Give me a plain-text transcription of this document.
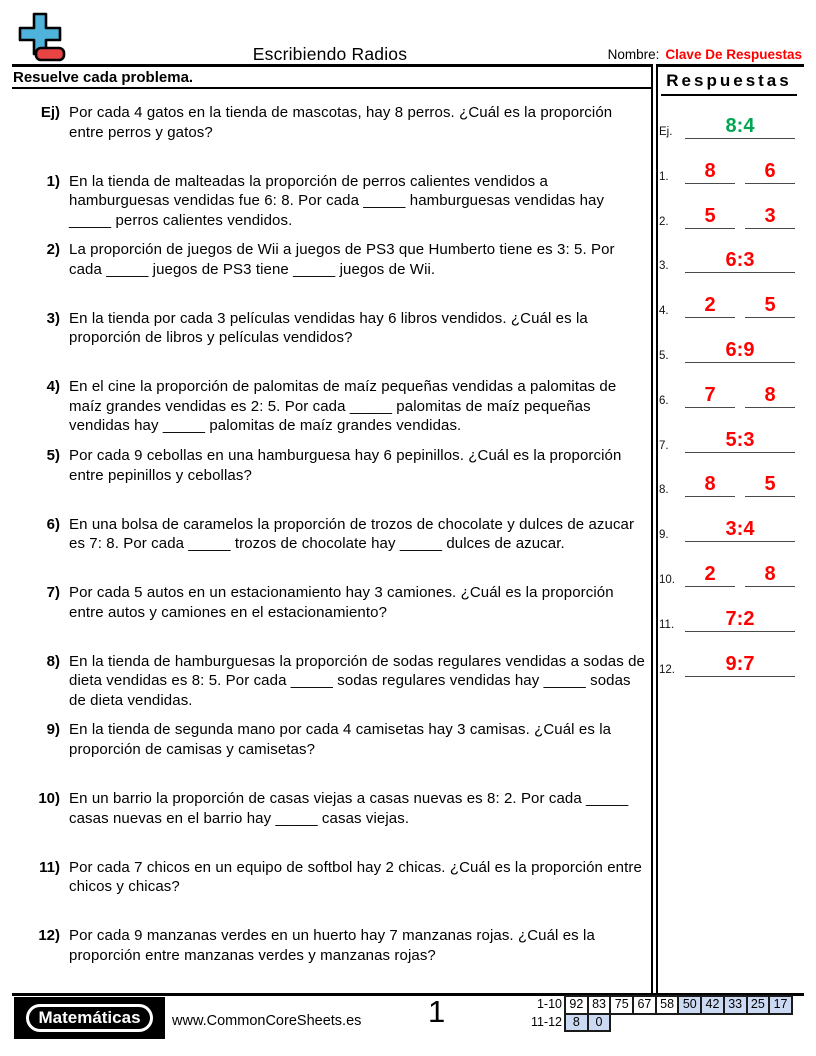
Escribiendo Radios	Nombre: Clave De Respuestas
Resuelve cada problema.
Ej) Por cada 4 gatos en la tienda de mascotas, hay 8 perros. ¿Cuál es la proporción entre perros y gatos?
1) En la tienda de malteadas la proporción de perros calientes vendidos a hamburguesas vendidas fue 6: 8. Por cada _____ hamburguesas vendidas hay _____ perros calientes vendidos.
2) La proporción de juegos de Wii a juegos de PS3 que Humberto tiene es 3: 5. Por cada _____ juegos de PS3 tiene _____ juegos de Wii.
3) En la tienda por cada 3 películas vendidas hay 6 libros vendidos. ¿Cuál es la proporción de libros y películas vendidos?
4) En el cine la proporción de palomitas de maíz pequeñas vendidas a palomitas de maíz grandes vendidas es 2: 5. Por cada _____ palomitas de maíz pequeñas vendidas hay _____ palomitas de maíz grandes vendidas.
5) Por cada 9 cebollas en una hamburguesa hay 6 pepinillos. ¿Cuál es la proporción entre pepinillos y cebollas?
6) En una bolsa de caramelos la proporción de trozos de chocolate y dulces de azucar es 7: 8. Por cada _____ trozos de chocolate hay _____ dulces de azucar.
7) Por cada 5 autos en un estacionamiento hay 3 camiones. ¿Cuál es la proporción entre autos y camiones en el estacionamiento?
8) En la tienda de hamburguesas la proporción de sodas regulares vendidas a sodas de dieta vendidas es 8: 5. Por cada _____ sodas regulares vendidas hay _____ sodas de dieta vendidas.
9) En la tienda de segunda mano por cada 4 camisetas hay 3 camisas. ¿Cuál es la proporción de camisas y camisetas?
10) En un barrio la proporción de casas viejas a casas nuevas es 8: 2. Por cada _____ casas nuevas en el barrio hay _____ casas viejas.
11) Por cada 7 chicos en un equipo de softbol hay 2 chicas. ¿Cuál es la proporción entre chicos y chicas?
12) Por cada 9 manzanas verdes en un huerto hay 7 manzanas rojas. ¿Cuál es la proporción entre manzanas verdes y manzanas rojas?
Respuestas
Ej.	8:4
1.	8	6
2.	5	3
3.	6:3
4.	2	5
5.	6:9
6.	7	8
7.	5:3
8.	8	5
9.	3:4
10.	2	8
11.	7:2
12.	9:7
Matemáticas	www.CommonCoreSheets.es 1	1-10 92 83 75 67 58 50 42 33 25 17
11-12 8	0
